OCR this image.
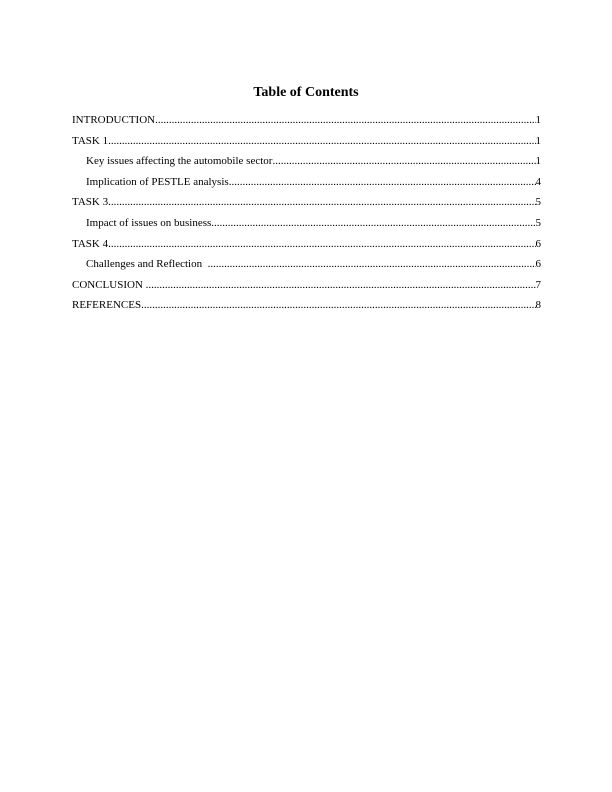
Table of Contents
INTRODUCTION .....	1
TASK 1 .....	1
Key issues affecting the automobile sector .....	1
Implication of PESTLE analysis .....	4
TASK 3 .....	5
Impact of issues on business .....	5
TASK 4 .....	6
Challenges and Reflection .....	6
CONCLUSION .....	7
REFERENCES .....	8
